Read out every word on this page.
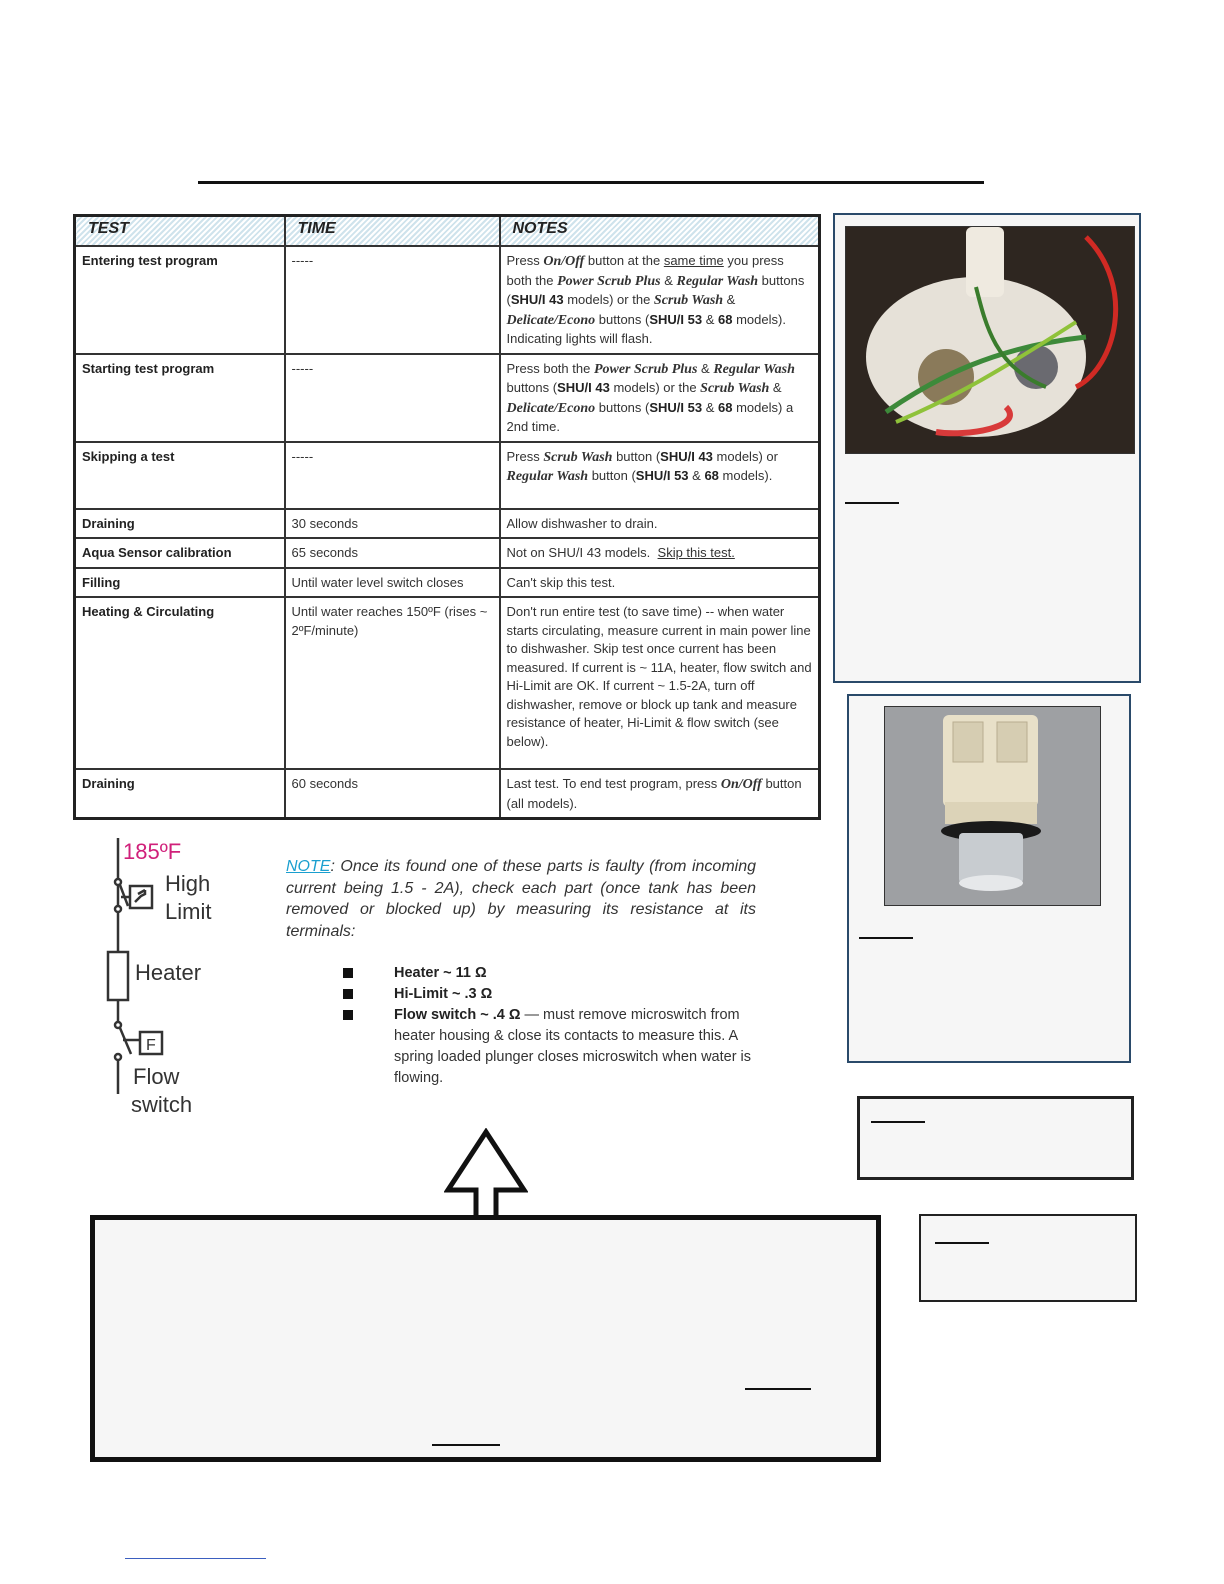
TEST	TIME	NOTES
Entering test program	-----	Press On/Off button at the same time you press both the Power Scrub Plus & Regular Wash buttons (SHU/I 43 models) or the Scrub Wash & Delicate/Econo buttons (SHU/I 53 & 68 models). Indicating lights will flash.
Starting test program	-----	Press both the Power Scrub Plus & Regular Wash buttons (SHU/I 43 models) or the Scrub Wash & Delicate/Econo buttons (SHU/I 53 & 68 models) a 2nd time.
Skipping a test	-----	Press Scrub Wash button (SHU/I 43 models) or Regular Wash button (SHU/I 53 & 68 models).
Draining	30 seconds	Allow dishwasher to drain.
Aqua Sensor calibration	65 seconds	Not on SHU/I 43 models. Skip this test.
Filling	Until water level switch closes	Can't skip this test.
Heating & Circulating	Until water reaches 150ºF (rises ~ 2ºF/minute)	Don't run entire test (to save time) -- when water starts circulating, measure current in main power line to dishwasher. Skip test once current has been measured. If current is ~ 11A, heater, flow switch and Hi-Limit are OK. If current ~ 1.5-2A, turn off dishwasher, remove or block up tank and measure resistance of heater, Hi-Limit & flow switch (see below).
Draining	60 seconds	Last test. To end test program, press On/Off button (all models).
F
185ºF
High
Limit
Heater
Flow
switch
NOTE: Once its found one of these parts is faulty (from incoming current being 1.5 - 2A), check each part (once tank has been removed or blocked up) by measuring its resistance at its terminals:
Heater ~ 11 Ω
Hi-Limit ~ .3 Ω
Flow switch ~ .4 Ω — must remove microswitch from heater housing & close its contacts to measure this. A spring loaded plunger closes microswitch when water is flowing.
